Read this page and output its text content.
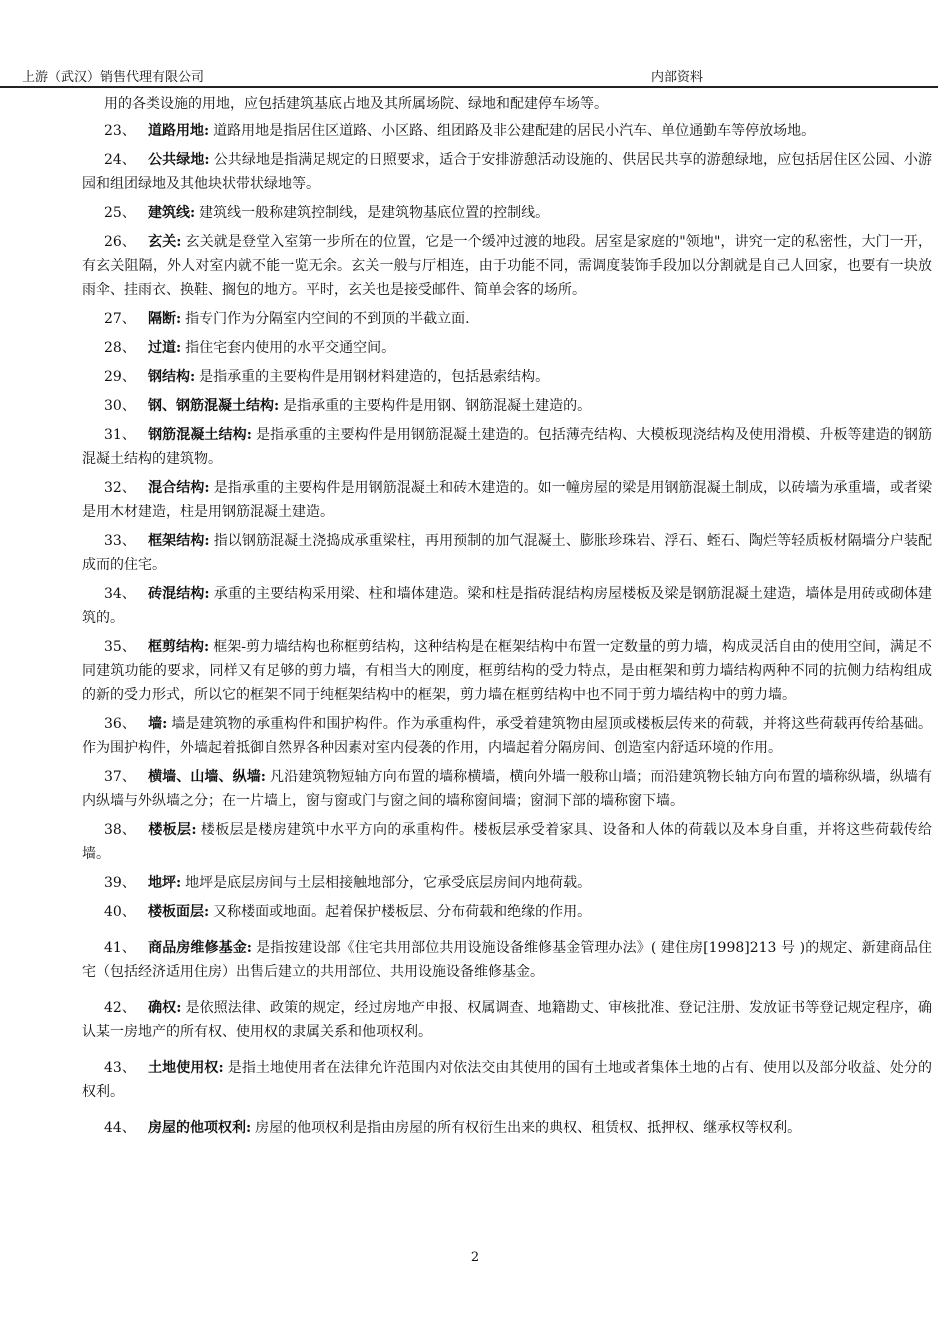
上游（武汉）销售代理有限公司	内部资料

用的各类设施的用地，应包括建筑基底占地及其所属场院、绿地和配建停车场等。

23、 道路用地: 道路用地是指居住区道路、小区路、组团路及非公建配建的居民小汽车、单位通勤车等停放场地。

24、 公共绿地: 公共绿地是指满足规定的日照要求，适合于安排游憩活动设施的、供居民共享的游憩绿地，应包括居住区公园、小游园和组团绿地及其他块状带状绿地等。

25、 建筑线: 建筑线一般称建筑控制线，是建筑物基底位置的控制线。

26、 玄关: 玄关就是登堂入室第一步所在的位置，它是一个缓冲过渡的地段。居室是家庭的"领地"，讲究一定的私密性，大门一开，有玄关阻隔，外人对室内就不能一览无余。玄关一般与厅相连，由于功能不同，需调度装饰手段加以分割就是自己人回家，也要有一块放雨伞、挂雨衣、换鞋、搁包的地方。平时，玄关也是接受邮件、简单会客的场所。

27、 隔断: 指专门作为分隔室内空间的不到顶的半截立面.

28、 过道: 指住宅套内使用的水平交通空间。

29、 钢结构: 是指承重的主要构件是用钢材料建造的，包括悬索结构。

30、 钢、钢筋混凝土结构: 是指承重的主要构件是用钢、钢筋混凝土建造的。

31、 钢筋混凝土结构: 是指承重的主要构件是用钢筋混凝土建造的。包括薄壳结构、大模板现浇结构及使用滑模、升板等建造的钢筋混凝土结构的建筑物。

32、 混合结构: 是指承重的主要构件是用钢筋混凝土和砖木建造的。如一幢房屋的梁是用钢筋混凝土制成，以砖墙为承重墙，或者梁是用木材建造，柱是用钢筋混凝土建造。

33、 框架结构: 指以钢筋混凝土浇捣成承重梁柱，再用预制的加气混凝土、膨胀珍珠岩、浮石、蛭石、陶烂等轻质板材隔墙分户装配成而的住宅。

34、 砖混结构: 承重的主要结构采用梁、柱和墙体建造。梁和柱是指砖混结构房屋楼板及梁是钢筋混凝土建造，墙体是用砖或砌体建筑的。

35、 框剪结构: 框架-剪力墙结构也称框剪结构，这种结构是在框架结构中布置一定数量的剪力墙，构成灵活自由的使用空间，满足不同建筑功能的要求，同样又有足够的剪力墙，有相当大的刚度，框剪结构的受力特点，是由框架和剪力墙结构两种不同的抗侧力结构组成的新的受力形式，所以它的框架不同于纯框架结构中的框架，剪力墙在框剪结构中也不同于剪力墙结构中的剪力墙。

36、 墙: 墙是建筑物的承重构件和围护构件。作为承重构件，承受着建筑物由屋顶或楼板层传来的荷载，并将这些荷载再传给基础。作为围护构件，外墙起着抵御自然界各种因素对室内侵袭的作用，内墙起着分隔房间、创造室内舒适环境的作用。

37、 横墙、山墙、纵墙: 凡沿建筑物短轴方向布置的墙称横墙，横向外墙一般称山墙；而沿建筑物长轴方向布置的墙称纵墙，纵墙有内纵墙与外纵墙之分；在一片墙上，窗与窗或门与窗之间的墙称窗间墙；窗洞下部的墙称窗下墙。

38、 楼板层: 楼板层是楼房建筑中水平方向的承重构件。楼板层承受着家具、设备和人体的荷载以及本身自重，并将这些荷载传给墙。

39、 地坪: 地坪是底层房间与土层相接触地部分，它承受底层房间内地荷载。

40、 楼板面层: 又称楼面或地面。起着保护楼板层、分布荷载和绝缘的作用。

41、 商品房维修基金: 是指按建设部《住宅共用部位共用设施设备维修基金管理办法》( 建住房[1998]213 号 )的规定、新建商品住宅（包括经济适用住房）出售后建立的共用部位、共用设施设备维修基金。

42、 确权: 是依照法律、政策的规定，经过房地产申报、权属调查、地籍勘丈、审核批准、登记注册、发放证书等登记规定程序，确认某一房地产的所有权、使用权的隶属关系和他项权利。

43、 土地使用权: 是指土地使用者在法律允许范围内对依法交由其使用的国有土地或者集体土地的占有、使用以及部分收益、处分的权利。

44、 房屋的他项权利: 房屋的他项权利是指由房屋的所有权衍生出来的典权、租赁权、抵押权、继承权等权利。

2
